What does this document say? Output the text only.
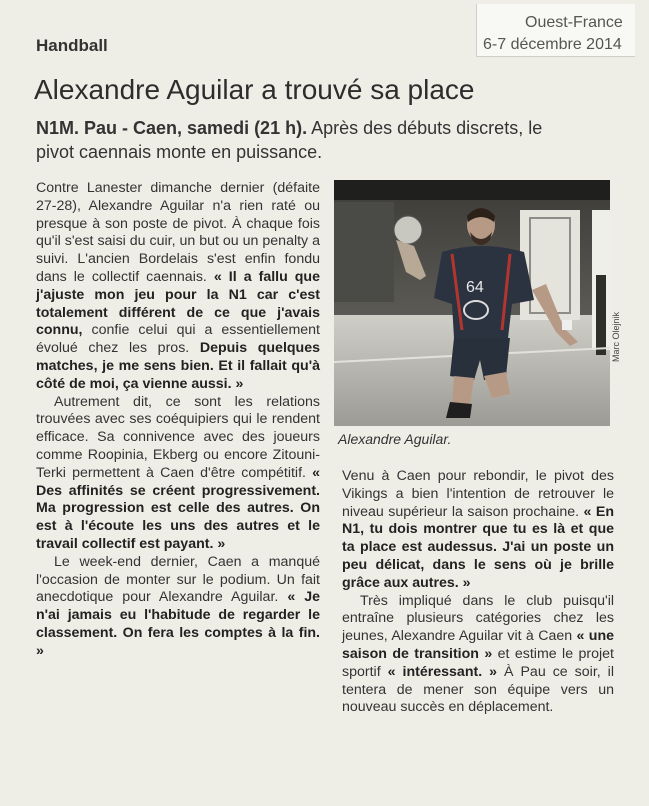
Ouest-France
6-7 décembre 2014
Handball
Alexandre Aguilar a trouvé sa place
N1M. Pau - Caen, samedi (21 h). Après des débuts discrets, le pivot caennais monte en puissance.

Contre Lanester dimanche dernier (défaite 27-28), Alexandre Aguilar n'a rien raté ou presque à son poste de pivot. À chaque fois qu'il s'est saisi du cuir, un but ou un penalty a suivi. L'ancien Bordelais s'est enfin fondu dans le collectif caennais. « Il a fallu que j'ajuste mon jeu pour la N1 car c'est totalement différent de ce que j'avais connu, confie celui qui a essentiellement évolué chez les pros. Depuis quelques matches, je me sens bien. Et il fallait qu'à côté de moi, ça vienne aussi. »

Autrement dit, ce sont les relations trouvées avec ses coéquipiers qui le rendent efficace. Sa connivence avec des joueurs comme Roopinia, Ekberg ou encore Zitouni-Terki permettent à Caen d'être compétitif. « Des affinités se créent progressivement. Ma progression est celle des autres. On est à l'écoute les uns des autres et le travail collectif est payant. »

Le week-end dernier, Caen a manqué l'occasion de monter sur le podium. Un fait anecdotique pour Alexandre Aguilar. « Je n'ai jamais eu l'habitude de regarder le classement. On fera les comptes à la fin. »

64
Marc Olejnik
Alexandre Aguilar.

Venu à Caen pour rebondir, le pivot des Vikings a bien l'intention de retrouver le niveau supérieur la saison prochaine. « En N1, tu dois montrer que tu es là et que ta place est audessus. J'ai un poste un peu délicat, dans le sens où je brille grâce aux autres. »

Très impliqué dans le club puisqu'il entraîne plusieurs catégories chez les jeunes, Alexandre Aguilar vit à Caen « une saison de transition » et estime le projet sportif « intéressant. » À Pau ce soir, il tentera de mener son équipe vers un nouveau succès en déplacement.
